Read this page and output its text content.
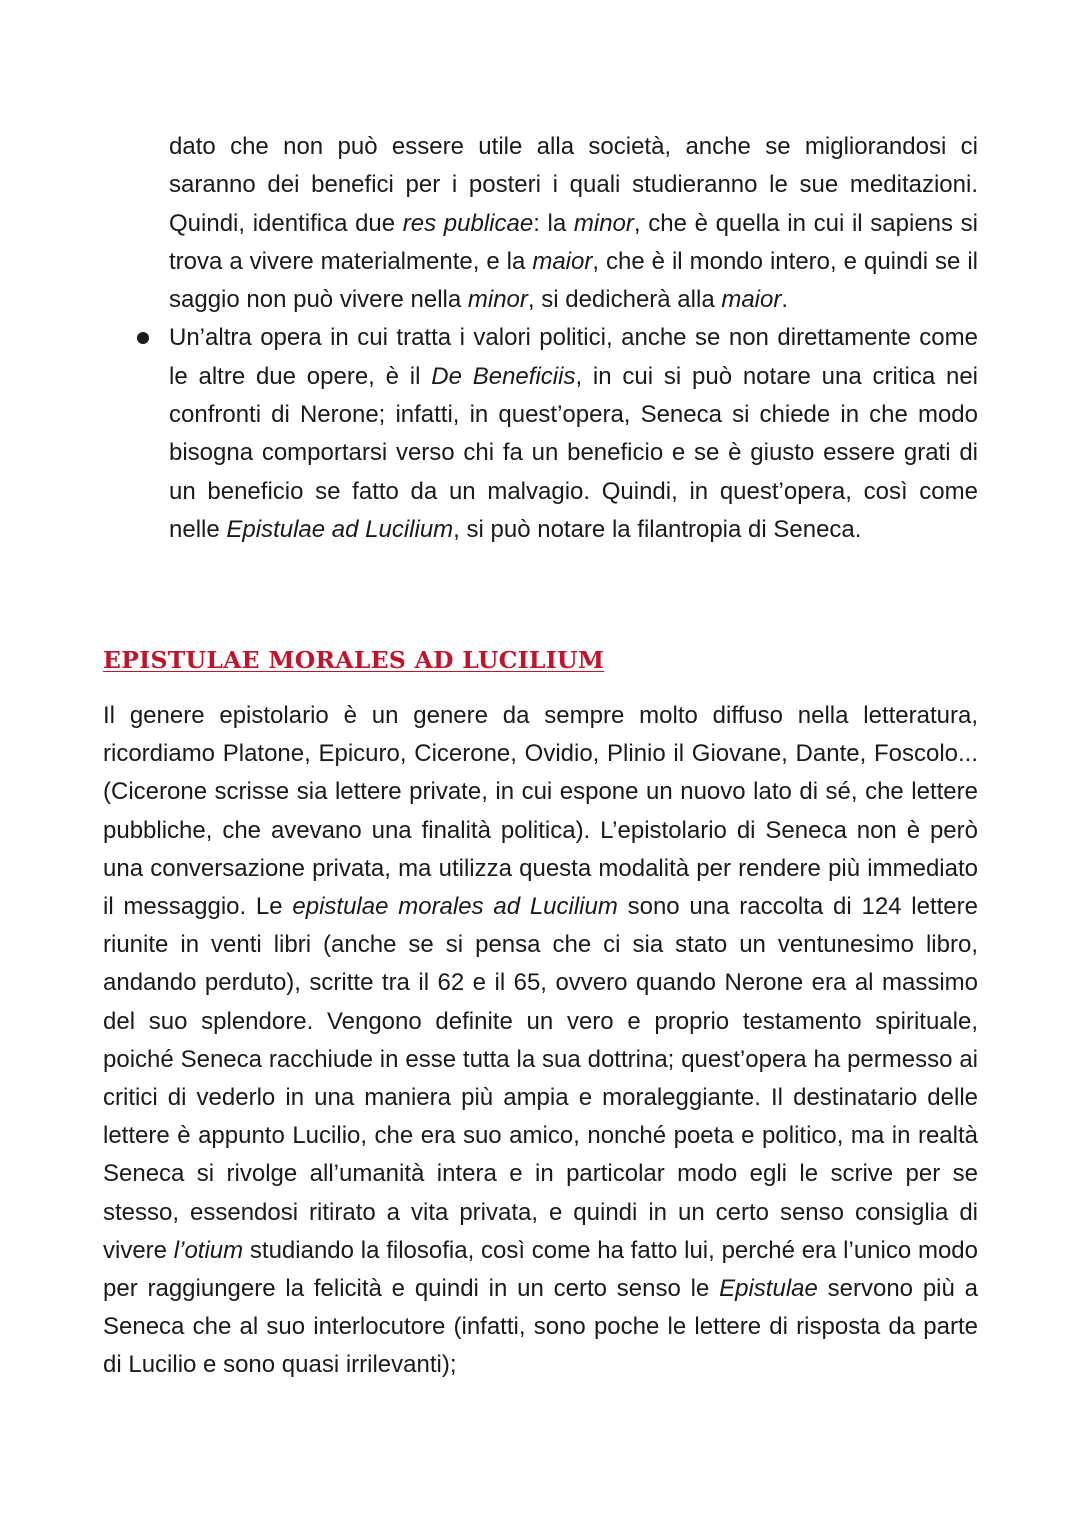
dato che non può essere utile alla società, anche se migliorandosi ci saranno dei benefici per i posteri i quali studieranno le sue meditazioni. Quindi, identifica due res publicae: la minor, che è quella in cui il sapiens si trova a vivere materialmente, e la maior, che è il mondo intero, e quindi se il saggio non può vivere nella minor, si dedicherà alla maior.
Un’altra opera in cui tratta i valori politici, anche se non direttamente come le altre due opere, è il De Beneficiis, in cui si può notare una critica nei confronti di Nerone; infatti, in quest’opera, Seneca si chiede in che modo bisogna comportarsi verso chi fa un beneficio e se è giusto essere grati di un beneficio se fatto da un malvagio. Quindi, in quest’opera, così come nelle Epistulae ad Lucilium, si può notare la filantropia di Seneca.
EPISTULAE MORALES AD LUCILIUM

Il genere epistolario è un genere da sempre molto diffuso nella letteratura, ricordiamo Platone, Epicuro, Cicerone, Ovidio, Plinio il Giovane, Dante, Foscolo... (Cicerone scrisse sia lettere private, in cui espone un nuovo lato di sé, che lettere pubbliche, che avevano una finalità politica). L’epistolario di Seneca non è però una conversazione privata, ma utilizza questa modalità per rendere più immediato il messaggio. Le epistulae morales ad Lucilium sono una raccolta di 124 lettere riunite in venti libri (anche se si pensa che ci sia stato un ventunesimo libro, andando perduto), scritte tra il 62 e il 65, ovvero quando Nerone era al massimo del suo splendore. Vengono definite un vero e proprio testamento spirituale, poiché Seneca racchiude in esse tutta la sua dottrina; quest’opera ha permesso ai critici di vederlo in una maniera più ampia e moraleggiante. Il destinatario delle lettere è appunto Lucilio, che era suo amico, nonché poeta e politico, ma in realtà Seneca si rivolge all’umanità intera e in particolar modo egli le scrive per se stesso, essendosi ritirato a vita privata, e quindi in un certo senso consiglia di vivere l’otium studiando la filosofia, così come ha fatto lui, perché era l’unico modo per raggiungere la felicità e quindi in un certo senso le Epistulae servono più a Seneca che al suo interlocutore (infatti, sono poche le lettere di risposta da parte di Lucilio e sono quasi irrilevanti);
